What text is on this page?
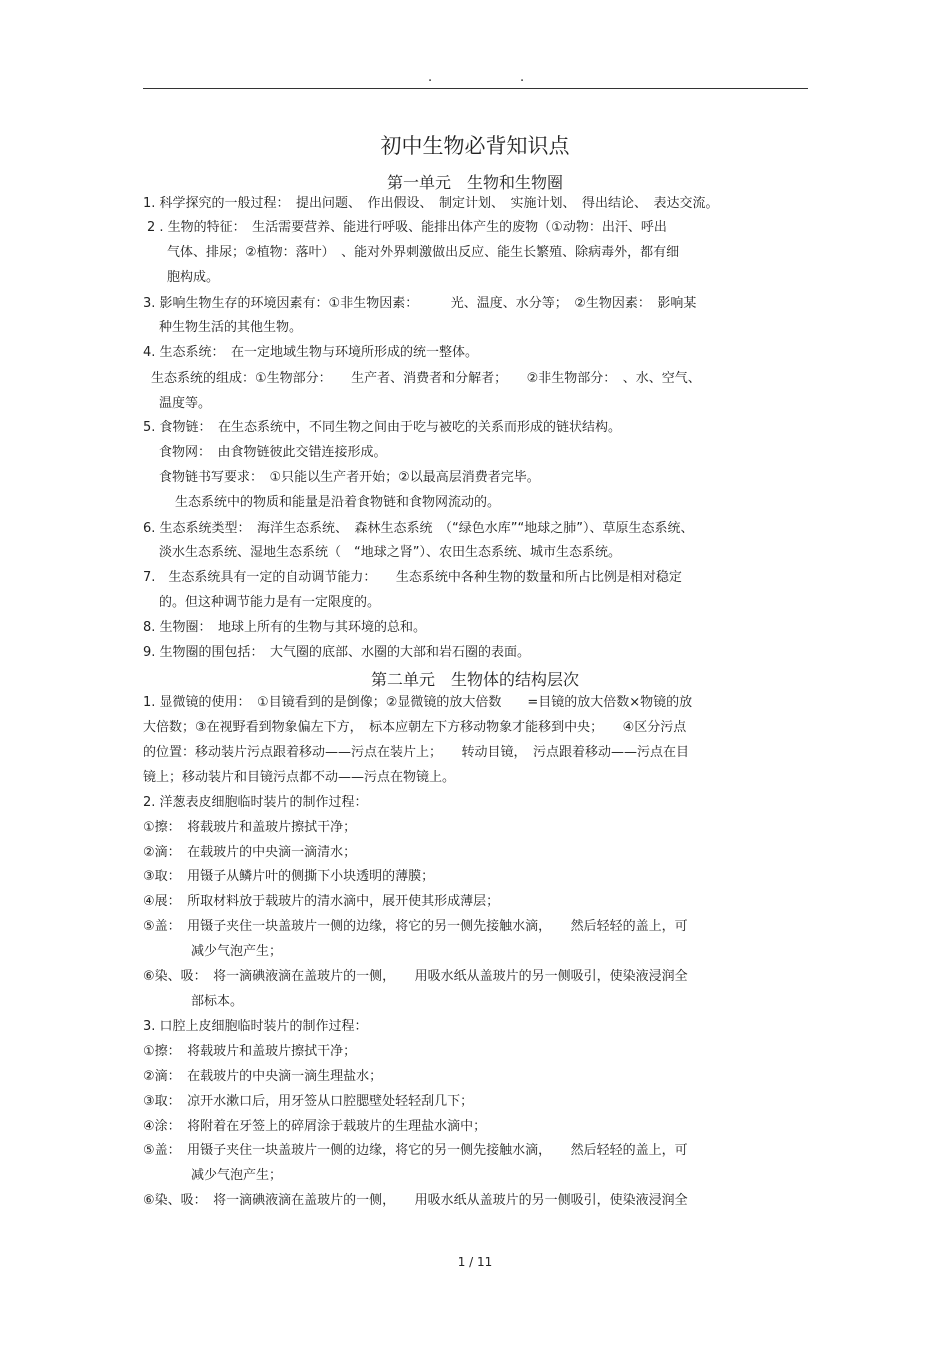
.	.
初中生物必背知识点
第一单元　生物和生物圈
1. 科学探究的一般过程：　提出问题、　作出假设、　制定计划、　实施计划、　得出结论、　表达交流。
2 . 生物的特征：　生活需要营养、能进行呼吸、能排出体产生的废物（①动物：出汗、呼出
气体、排尿；②植物：落叶）　、能对外界刺激做出反应、能生长繁殖、除病毒外，都有细
胞构成。
3. 影响生物生存的环境因素有：①非生物因素：　　　光、温度、水分等；　②生物因素：　影响某
种生物生活的其他生物。
4. 生态系统：　在一定地域生物与环境所形成的统一整体。
生态系统的组成：①生物部分：　　生产者、消费者和分解者；　　②非生物部分：　、水、空气、
温度等。
5. 食物链：　在生态系统中，不同生物之间由于吃与被吃的关系而形成的链状结构。
食物网：　由食物链彼此交错连接形成。
食物链书写要求：　①只能以生产者开始；②以最高层消费者完毕。
生态系统中的物质和能量是沿着食物链和食物网流动的。
6. 生态系统类型：　海洋生态系统、　森林生态系统　（“绿色水库”“地球之肺”）、草原生态系统、
淡水生态系统、湿地生态系统（　“地球之肾”）、农田生态系统、城市生态系统。
7.　生态系统具有一定的自动调节能力：　　生态系统中各种生物的数量和所占比例是相对稳定
的。但这种调节能力是有一定限度的。
8. 生物圈：　地球上所有的生物与其环境的总和。
9. 生物圈的围包括：　大气圈的底部、水圈的大部和岩石圈的表面。
第二单元　生物体的结构层次
1. 显微镜的使用：　①目镜看到的是倒像；②显微镜的放大倍数　　=目镜的放大倍数×物镜的放
大倍数；③在视野看到物象偏左下方，　标本应朝左下方移动物象才能移到中央；　　④区分污点
的位置：移动装片污点跟着移动——污点在装片上；　　转动目镜，　污点跟着移动——污点在目
镜上；移动装片和目镜污点都不动——污点在物镜上。
2. 洋葱表皮细胞临时装片的制作过程：
①擦：　将载玻片和盖玻片擦拭干净；
②滴：　在载玻片的中央滴一滴清水；
③取：　用镊子从鳞片叶的侧撕下小块透明的薄膜；
④展：　所取材料放于载玻片的清水滴中，展开使其形成薄层；
⑤盖：　用镊子夹住一块盖玻片一侧的边缘，将它的另一侧先接触水滴，　　然后轻轻的盖上，可
减少气泡产生；
⑥染、吸：　将一滴碘液滴在盖玻片的一侧，　　用吸水纸从盖玻片的另一侧吸引，使染液浸润全
部标本。
3. 口腔上皮细胞临时装片的制作过程：
①擦：　将载玻片和盖玻片擦拭干净；
②滴：　在载玻片的中央滴一滴生理盐水；
③取：　凉开水漱口后，用牙签从口腔腮壁处轻轻刮几下；
④涂：　将附着在牙签上的碎屑涂于载玻片的生理盐水滴中；
⑤盖：　用镊子夹住一块盖玻片一侧的边缘，将它的另一侧先接触水滴，　　然后轻轻的盖上，可
减少气泡产生；
⑥染、吸：　将一滴碘液滴在盖玻片的一侧，　　用吸水纸从盖玻片的另一侧吸引，使染液浸润全
1 / 11
